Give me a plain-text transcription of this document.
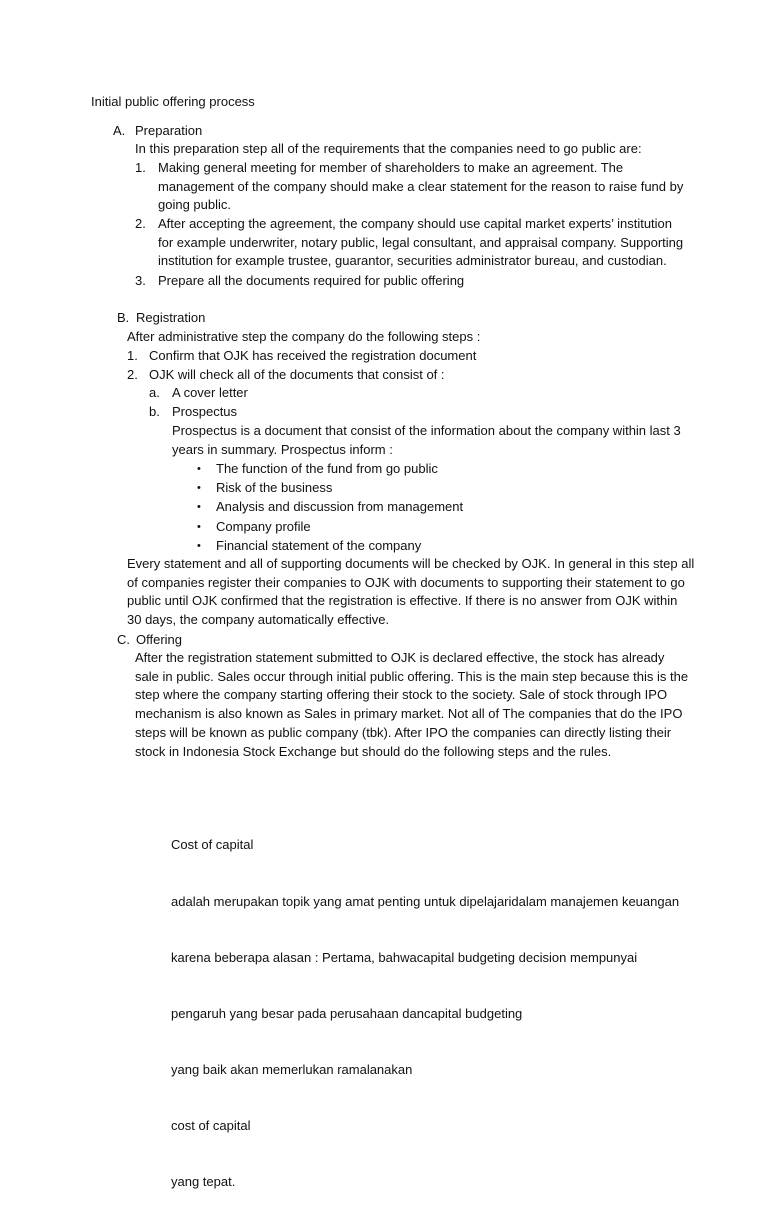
Initial public offering process
A. Preparation
In this preparation step all of the requirements that the companies need to go public are:
1. Making general meeting for member of shareholders to make an agreement. The
management of the company should make a clear statement for the reason to raise fund by
going public.
2. After accepting the agreement, the company should use capital market experts’ institution
for example underwriter, notary public, legal consultant, and appraisal company. Supporting
institution for example trustee, guarantor, securities administrator bureau, and custodian.
3. Prepare all the documents required for public offering
B. Registration
After administrative step the company do the following steps :
1. Confirm that OJK has received the registration document
2. OJK will check all of the documents that consist of :
a. A cover letter
b. Prospectus
Prospectus is a document that consist of the information about the company within last 3
years in summary. Prospectus inform :
• The function of the fund from go public
• Risk of the business
• Analysis and discussion from management
• Company profile
• Financial statement of the company
Every statement and all of supporting documents will be checked by OJK. In general in this step all
of companies register their companies to OJK with documents to supporting their statement to go
public until OJK confirmed that the registration is effective. If there is no answer from OJK within
30 days, the company automatically effective.
C. Offering
After the registration statement submitted to OJK is declared effective, the stock has already
sale in public. Sales occur through initial public offering. This is the main step because this is the
step where the company starting offering their stock to the society. Sale of stock through IPO
mechanism is also known as Sales in primary market. Not all of The companies that do the IPO
steps will be known as public company (tbk). After IPO the companies can directly listing their
stock in Indonesia Stock Exchange but should do the following steps and the rules.

Cost of capital

adalah merupakan topik yang amat penting untuk dipelajaridalam manajemen keuangan

karena beberapa alasan : Pertama, bahwacapital budgeting decision mempunyai

pengaruh yang besar pada perusahaan dancapital budgeting

yang baik akan memerlukan ramalanakan

cost of capital

yang tepat.
